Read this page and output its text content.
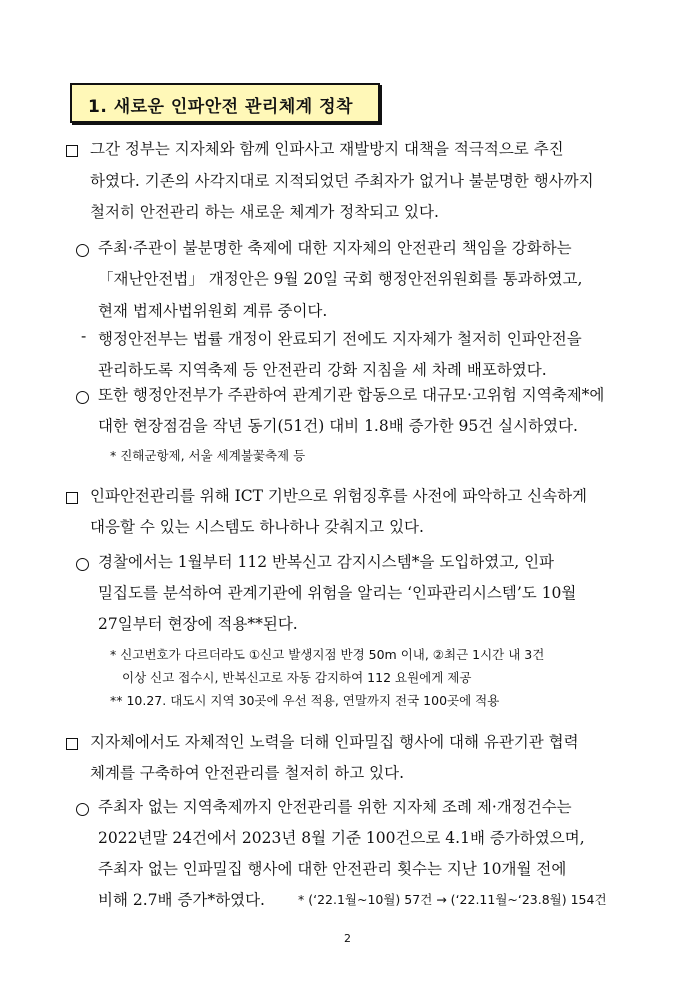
1. 새로운 인파안전 관리체계 정착
그간 정부는 지자체와 함께 인파사고 재발방지 대책을 적극적으로 추진
하였다. 기존의 사각지대로 지적되었던 주최자가 없거나 불분명한 행사까지
철저히 안전관리 하는 새로운 체계가 정착되고 있다.
주최·주관이 불분명한 축제에 대한 지자체의 안전관리 책임을 강화하는
「재난안전법」 개정안은 9월 20일 국회 행정안전위원회를 통과하였고,
현재 법제사법위원회 계류 중이다.
- 행정안전부는 법률 개정이 완료되기 전에도 지자체가 철저히 인파안전을
관리하도록 지역축제 등 안전관리 강화 지침을 세 차례 배포하였다.
또한 행정안전부가 주관하여 관계기관 합동으로 대규모·고위험 지역축제*에
대한 현장점검을 작년 동기(51건) 대비 1.8배 증가한 95건 실시하였다.
* 진해군항제, 서울 세계불꽃축제 등
인파안전관리를 위해 ICT 기반으로 위험징후를 사전에 파악하고 신속하게
대응할 수 있는 시스템도 하나하나 갖춰지고 있다.
경찰에서는 1월부터 112 반복신고 감지시스템*을 도입하였고, 인파
밀집도를 분석하여 관계기관에 위험을 알리는 ‘인파관리시스템’도 10월
27일부터 현장에 적용**된다.
* 신고번호가 다르더라도 ①신고 발생지점 반경 50m 이내, ②최근 1시간 내 3건
이상 신고 접수시, 반복신고로 자동 감지하여 112 요원에게 제공
** 10.27. 대도시 지역 30곳에 우선 적용, 연말까지 전국 100곳에 적용
지자체에서도 자체적인 노력을 더해 인파밀집 행사에 대해 유관기관 협력
체계를 구축하여 안전관리를 철저히 하고 있다.
주최자 없는 지역축제까지 안전관리를 위한 지자체 조례 제·개정건수는
2022년말 24건에서 2023년 8월 기준 100건으로 4.1배 증가하였으며,
주최자 없는 인파밀집 행사에 대한 안전관리 횟수는 지난 10개월 전에
비해 2.7배 증가*하였다.	* (‘22.1월~10월) 57건 → (‘22.11월~‘23.8월) 154건
2
